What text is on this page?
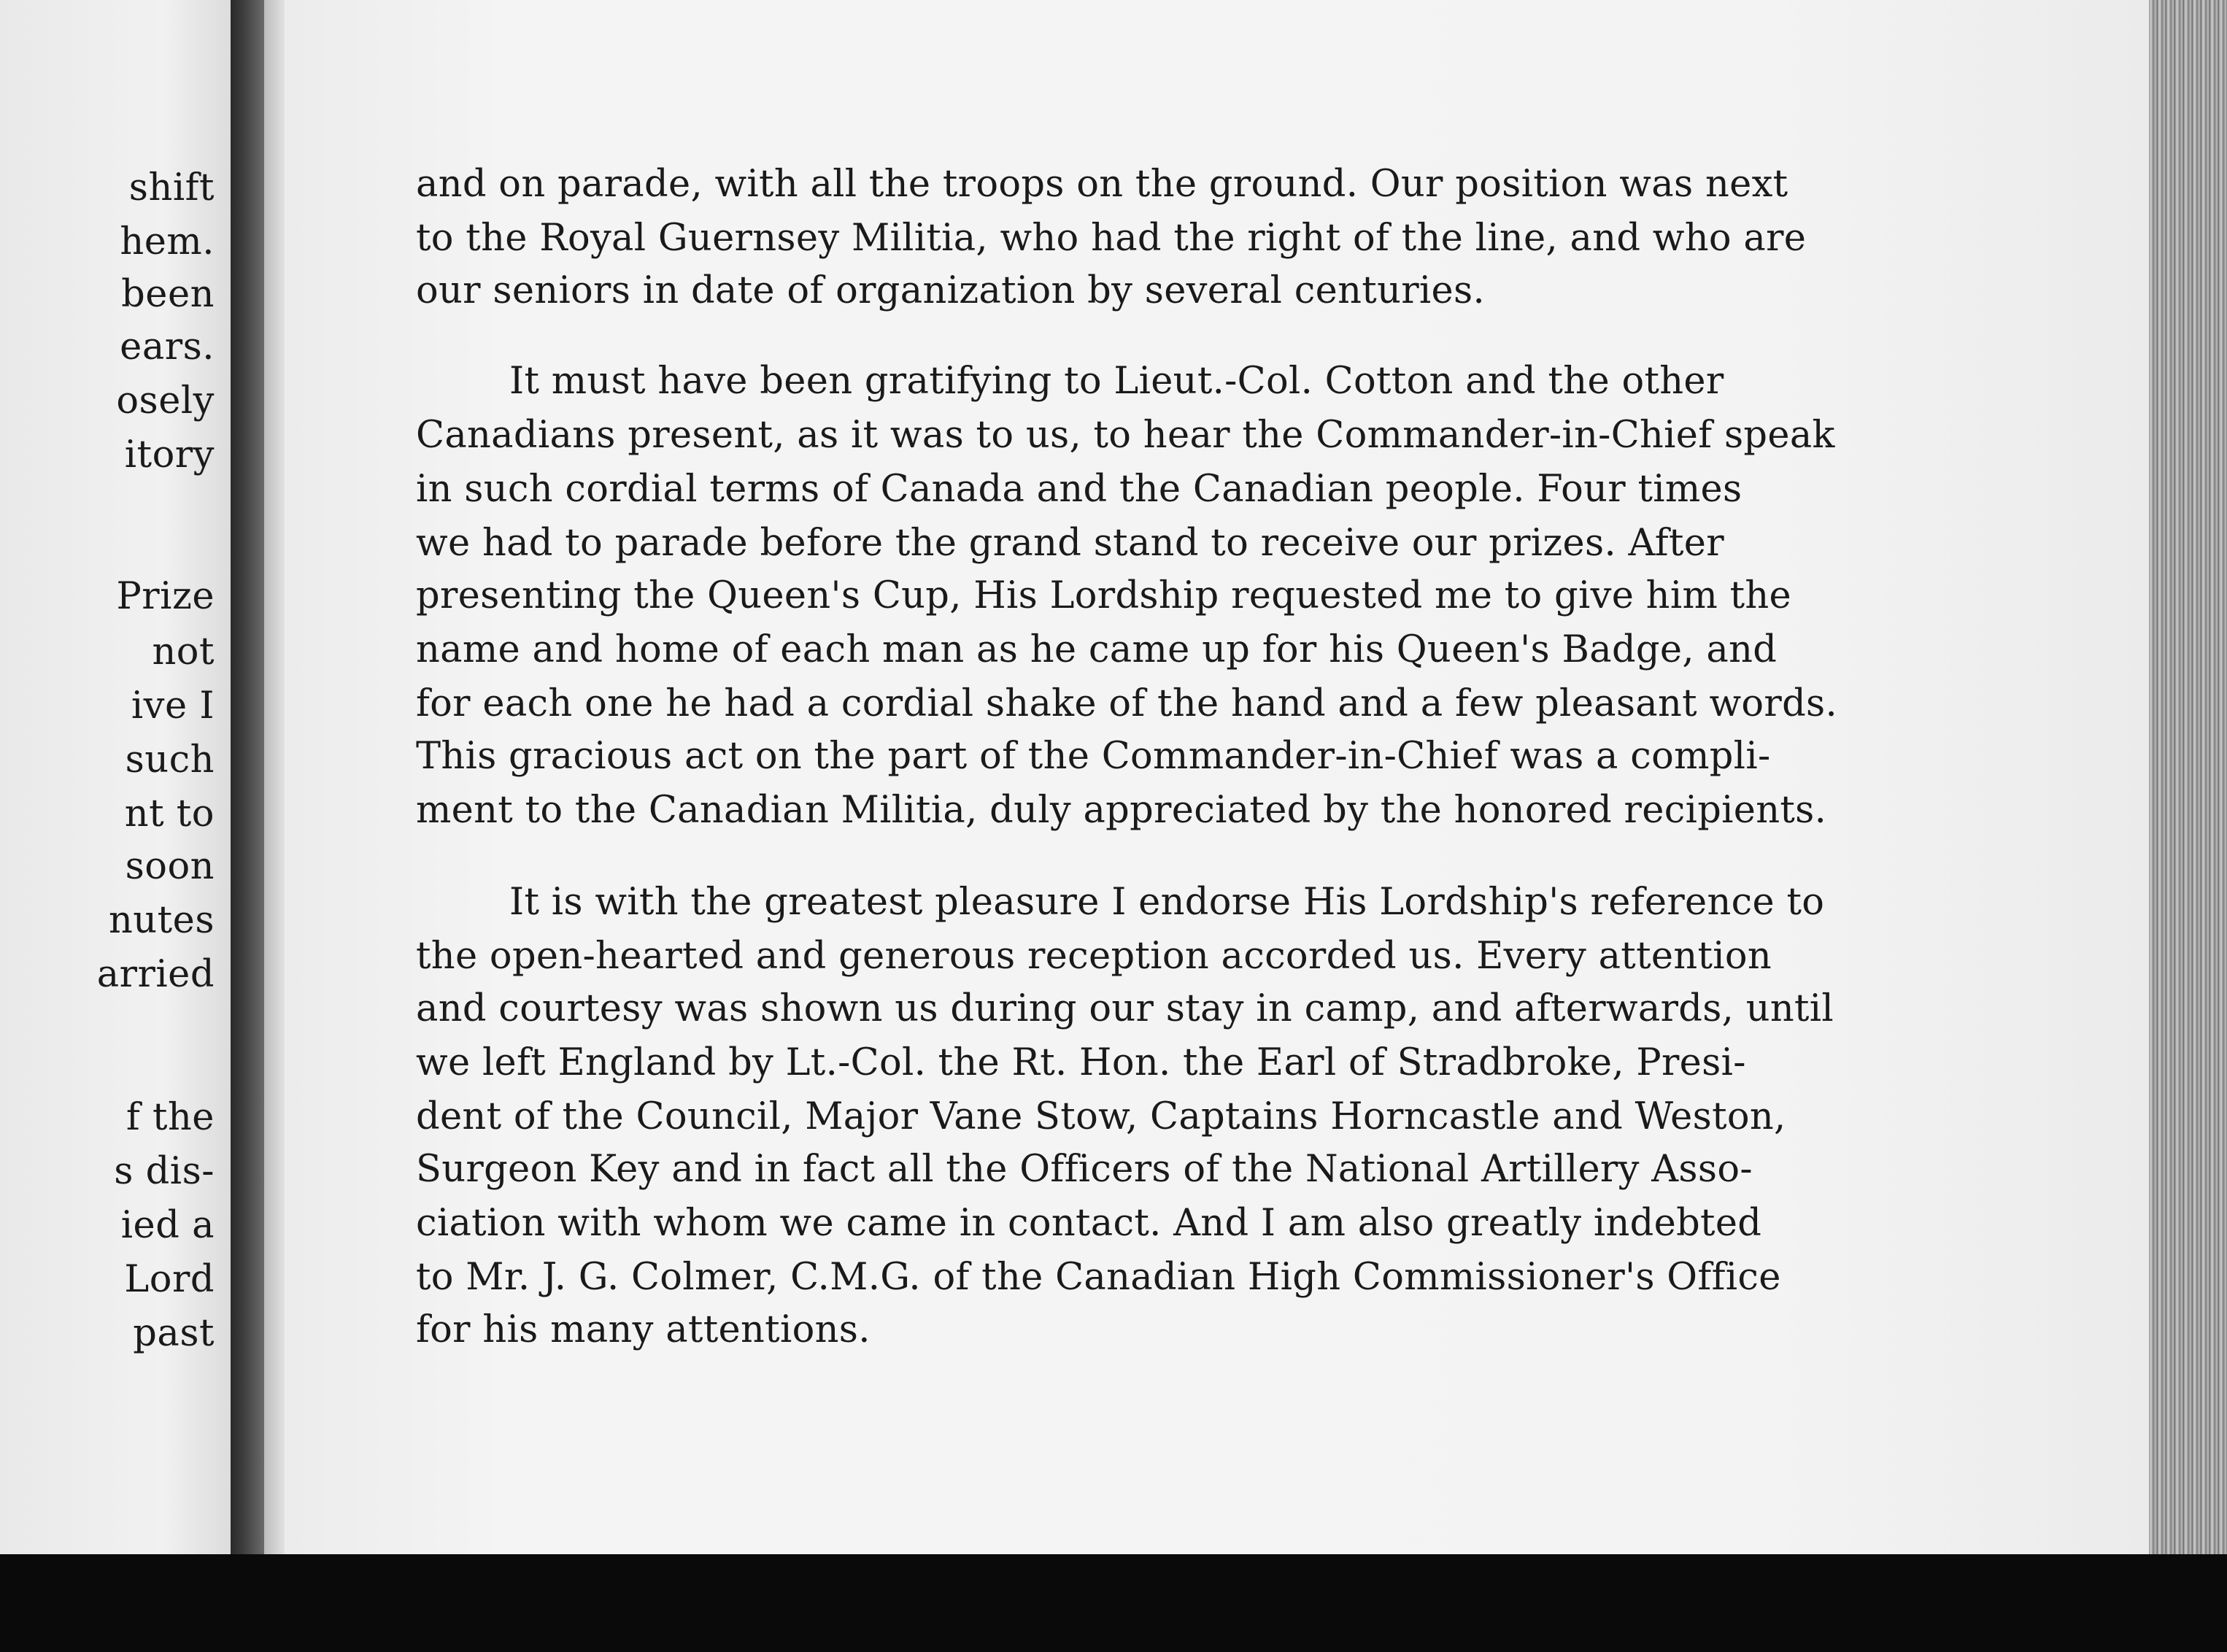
shift
hem.
been
ears.
osely
itory
Prize
not
ive I
such
nt to
soon
nutes
arried
f the
s dis-
ied a
Lord
past
and on parade, with all the troops on the ground. Our position was next
to the Royal Guernsey Militia, who had the right of the line, and who are
our seniors in date of organization by several centuries.
It must have been gratifying to Lieut.-Col. Cotton and the other
Canadians present, as it was to us, to hear the Commander-in-Chief speak
in such cordial terms of Canada and the Canadian people. Four times
we had to parade before the grand stand to receive our prizes. After
presenting the Queen's Cup, His Lordship requested me to give him the
name and home of each man as he came up for his Queen's Badge, and
for each one he had a cordial shake of the hand and a few pleasant words.
This gracious act on the part of the Commander-in-Chief was a compli-
ment to the Canadian Militia, duly appreciated by the honored recipients.
It is with the greatest pleasure I endorse His Lordship's reference to
the open-hearted and generous reception accorded us. Every attention
and courtesy was shown us during our stay in camp, and afterwards, until
we left England by Lt.-Col. the Rt. Hon. the Earl of Stradbroke, Presi-
dent of the Council, Major Vane Stow, Captains Horncastle and Weston,
Surgeon Key and in fact all the Officers of the National Artillery Asso-
ciation with whom we came in contact. And I am also greatly indebted
to Mr. J. G. Colmer, C.M.G. of the Canadian High Commissioner's Office
for his many attentions.
